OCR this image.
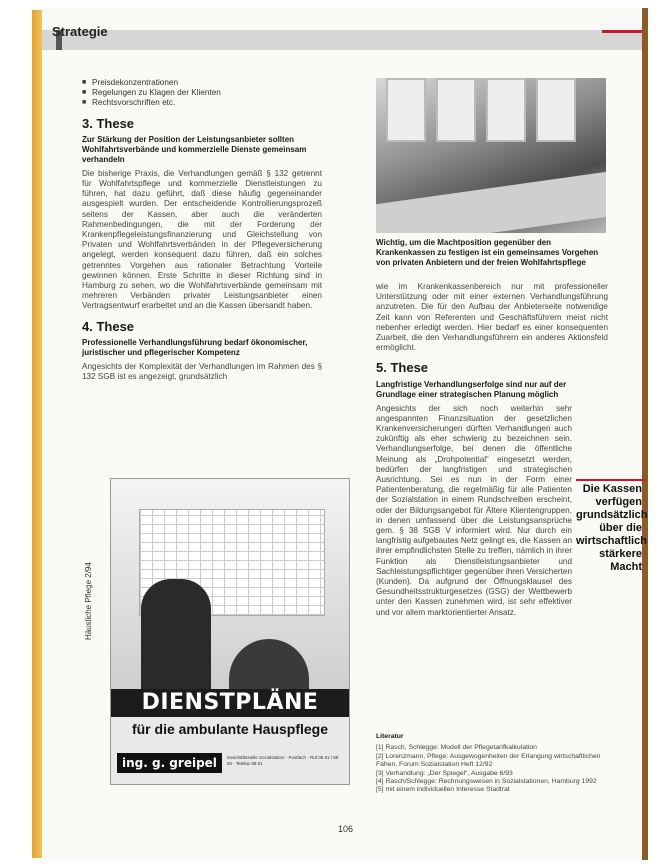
Strategie
■ Preisdekonzentrationen
■ Regelungen zu Klagen der Klienten
■ Rechtsvorschriften etc.
3. These

Zur Stärkung der Position der Leistungsanbieter sollten Wohlfahrtsverbände und kommerzielle Dienste gemeinsam verhandeln

Die bisherige Praxis, die Verhandlungen gemäß § 132 getrennt für Wohlfahrtspflege und kommerzielle Dienstleistungen zu führen, hat dazu geführt, daß diese häufig gegeneinander ausgespielt wurden. Der entscheidende Kontrollierungsprozeß seitens der Kassen, aber auch die veränderten Rahmenbedingungen, die mit der Forderung der Krankenpflegeleistungsfinanzierung und Gleichstellung von Privaten und Wohlfahrtsverbänden in der Pflegeversicherung angelegt, werden konsequent dazu führen, daß ein solches getrenntes Vorgehen aus rationaler Betrachtung Vorteile gewinnen können. Erste Schritte in dieser Richtung sind in Hamburg zu sehen, wo die Wohlfahrtsverbände gemeinsam mit mehreren Verbänden privater Leistungsanbieter einen Vertragsentwurf erarbeitet und an die Kassen übersandt haben.

4. These

Professionelle Verhandlungsführung bedarf ökonomischer, juristischer und pflegerischer Kompetenz

Angesichts der Komplexität der Verhandlungen im Rahmen des § 132 SGB ist es angezeigt, grundsätzlich

Wichtig, um die Machtposition gegenüber den Krankenkassen zu festigen ist ein gemeinsames Vorgehen von privaten Anbietern und der freien Wohlfahrtspflege

wie im Krankenkassenbereich nur mit professioneller Unterstützung oder mit einer externen Verhandlungsführung anzutreten. Die für den Aufbau der Anbieterseite notwendige Zeit kann von Referenten und Geschäftsführern meist nicht nebenher erledigt werden. Hier bedarf es einer konsequenten Zuarbeit, die den Verhandlungsführern ein anderes Aktionsfeld ermöglicht.

5. These

Langfristige Verhandlungserfolge sind nur auf der Grundlage einer strategischen Planung möglich

Angesichts der sich noch weiterhin sehr angespannten Finanzsituation der gesetzlichen Krankenversicherungen dürften Verhandlungen auch zukünftig als eher schwierig zu bezeichnen sein. Verhandlungserfolge, bei denen die öffentliche Meinung als „Drohpotential“ eingesetzt werden, bedürfen der langfristigen und strategischen Ausrichtung. Sei es nun in der Form einer Patientenberatung, die regelmäßig für alle Patienten der Sozialstation in einem Rundschreiben erscheint, oder der Bildungsangebot für Ältere Klientengruppen, in denen umfassend über die Leistungsansprüche gem. § 38 SGB V informiert wird. Nur durch ein langfristig aufgebautes Netz gelingt es, die Kassen an ihrer empfindlichsten Stelle zu treffen, nämlich in ihrer Funktion als Dienstleistungsanbieter und Sachleistungspflichtiger gegenüber ihren Versicherten (Kunden). Da aufgrund der Öffnungsklausel des Gesundheitsstrukturgesetzes (GSG) der Wettbewerb unter den Kassen zunehmen wird, ist sehr effektiver und vor allem marktorientierter Ansatz.

Die Kassen
verfügen
grundsätzlich
über die
wirtschaftlich
stärkere
Macht
DIENSTPLÄNE
für die ambulante Hauspflege
ing. g. greipel	Geschäftsstelle Sozialstation · Postfach · Ruf 06 81 / 89 60 · Telefax 89 61
Häusliche Pflege 2/94
Literatur
[1] Rasch, Schlegge: Modell der Pflegetarifkalkulation
[2] Lorenzmann, Pflege: Ausgewogenheiten der Erlangung wirtschaftlichen Fähen, Forum Sozialstation Heft 12/92
[3] Verhandlung: „Der Spiegel“, Ausgabe 6/93
[4] Rasch/Schlegge: Rechnungswesen in Sozialstationen, Hamburg 1992
[5] mit einem individuellen Interesse Stadtrat
106
